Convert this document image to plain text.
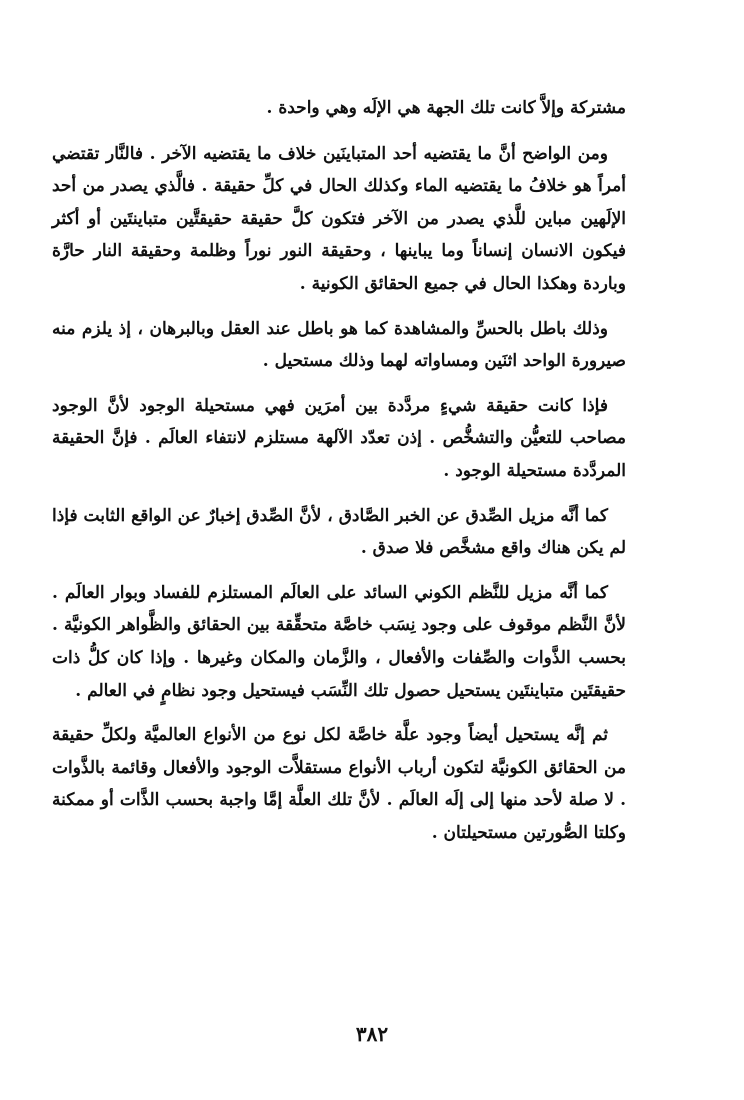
مشتركة وإلاَّ كانت تلك الجهة هي الإلَه وهي واحدة .

ومن الواضح أنَّ ما يقتضيه أحد المتباينَين خلاف ما يقتضيه الآخر . فالنَّار تقتضي أمراً هو خلافُ ما يقتضيه الماء وكذلك الحال في كلِّ حقيقة . فالَّذي يصدر من أحد الإلَهين مباين للَّذي يصدر من الآخر فتكون كلَّ حقيقة حقيقتَّين متباينتَين أو أكثر فيكون الانسان إنساناً وما يباينها ، وحقيقة النور نوراً وظلمة وحقيقة النار حارَّة وباردة وهكذا الحال في جميع الحقائق الكونية .

وذلك باطل بالحسِّ والمشاهدة كما هو باطل عند العقل وبالبرهان ، إذ يلزم منه صيرورة الواحد اثنَين ومساواته لهما وذلك مستحيل .

فإذا كانت حقيقة شيءٍ مردَّدة بين أمرَين فهي مستحيلة الوجود لأنَّ الوجود مصاحب للتعيُّن والتشخُّص . إذن تعدّد الآلهة مستلزم لانتفاء العالَم . فإنَّ الحقيقة المردَّدة مستحيلة الوجود .

كما أنَّه مزيل الصِّدق عن الخبر الصَّادق ، لأنَّ الصِّدق إخبارٌ عن الواقع الثابت فإذا لم يكن هناك واقع مشخَّص فلا صدق .

كما أنَّه مزيل للنَّظم الكوني السائد على العالَم المستلزم للفساد وبوار العالَم . لأنَّ النَّظم موقوف على وجود نِسَب خاصَّة متحقِّقة بين الحقائق والظَّواهر الكونيَّة . بحسب الذَّوات والصِّفات والأفعال ، والزَّمان والمكان وغيرها . وإذا كان كلُّ ذات حقيقتَين متباينتَين يستحيل حصول تلك النِّسَب فيستحيل وجود نظامٍ في العالم .

ثم إنَّه يستحيل أيضاً وجود علَّة خاصَّة لكل نوع من الأنواع العالميَّة ولكلِّ حقيقة من الحقائق الكونيَّة لتكون أرباب الأنواع مستقلاَّت الوجود والأفعال وقائمة بالذَّوات . لا صلة لأحد منها إلى إلَه العالَم . لأنَّ تلك العلَّة إمَّا واجبة بحسب الذَّات أو ممكنة وكلتا الصُّورتين مستحيلتان .

٣٨٢
